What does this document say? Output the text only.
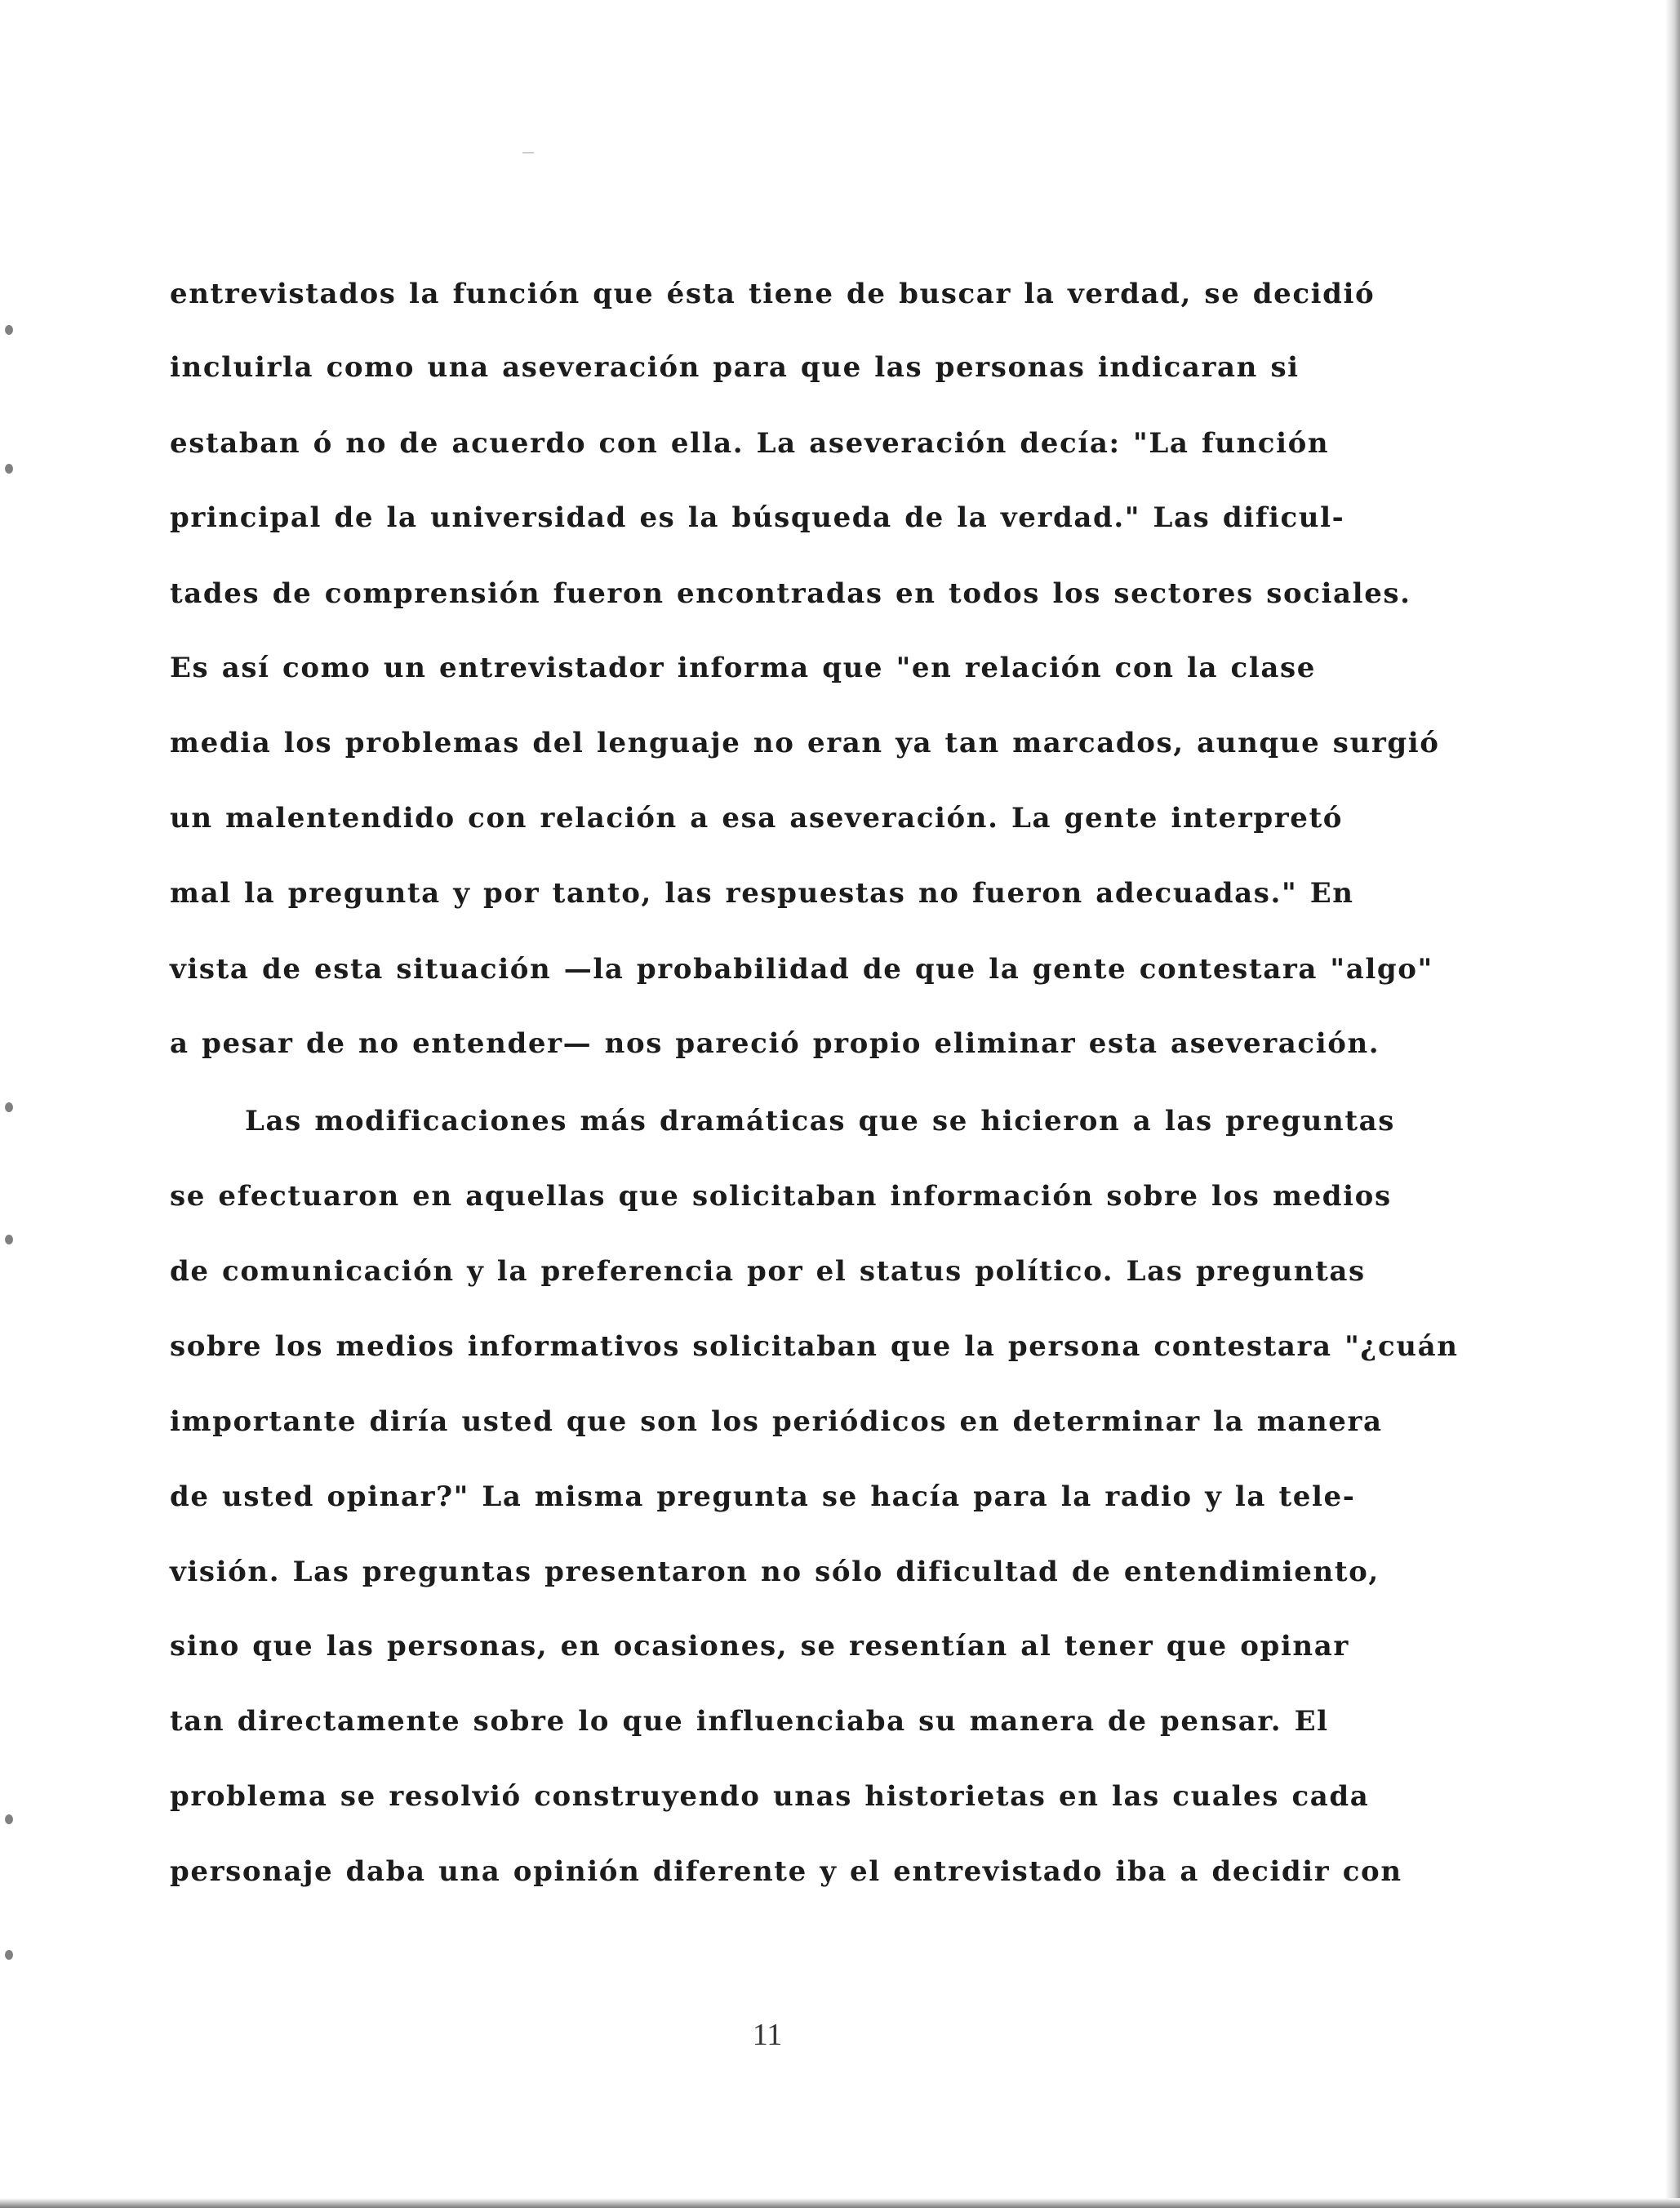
entrevistados la función que ésta tiene de buscar la verdad, se decidió
incluirla como una aseveración para que las personas indicaran si
estaban ó no de acuerdo con ella. La aseveración decía: "La función
principal de la universidad es la búsqueda de la verdad." Las dificul-
tades de comprensión fueron encontradas en todos los sectores sociales.
Es así como un entrevistador informa que "en relación con la clase
media los problemas del lenguaje no eran ya tan marcados, aunque surgió
un malentendido con relación a esa aseveración. La gente interpretó
mal la pregunta y por tanto, las respuestas no fueron adecuadas." En
vista de esta situación —la probabilidad de que la gente contestara "algo"
a pesar de no entender— nos pareció propio eliminar esta aseveración.
Las modificaciones más dramáticas que se hicieron a las preguntas
se efectuaron en aquellas que solicitaban información sobre los medios
de comunicación y la preferencia por el status político. Las preguntas
sobre los medios informativos solicitaban que la persona contestara "¿cuán
importante diría usted que son los periódicos en determinar la manera
de usted opinar?" La misma pregunta se hacía para la radio y la tele-
visión. Las preguntas presentaron no sólo dificultad de entendimiento,
sino que las personas, en ocasiones, se resentían al tener que opinar
tan directamente sobre lo que influenciaba su manera de pensar. El
problema se resolvió construyendo unas historietas en las cuales cada
personaje daba una opinión diferente y el entrevistado iba a decidir con
11
